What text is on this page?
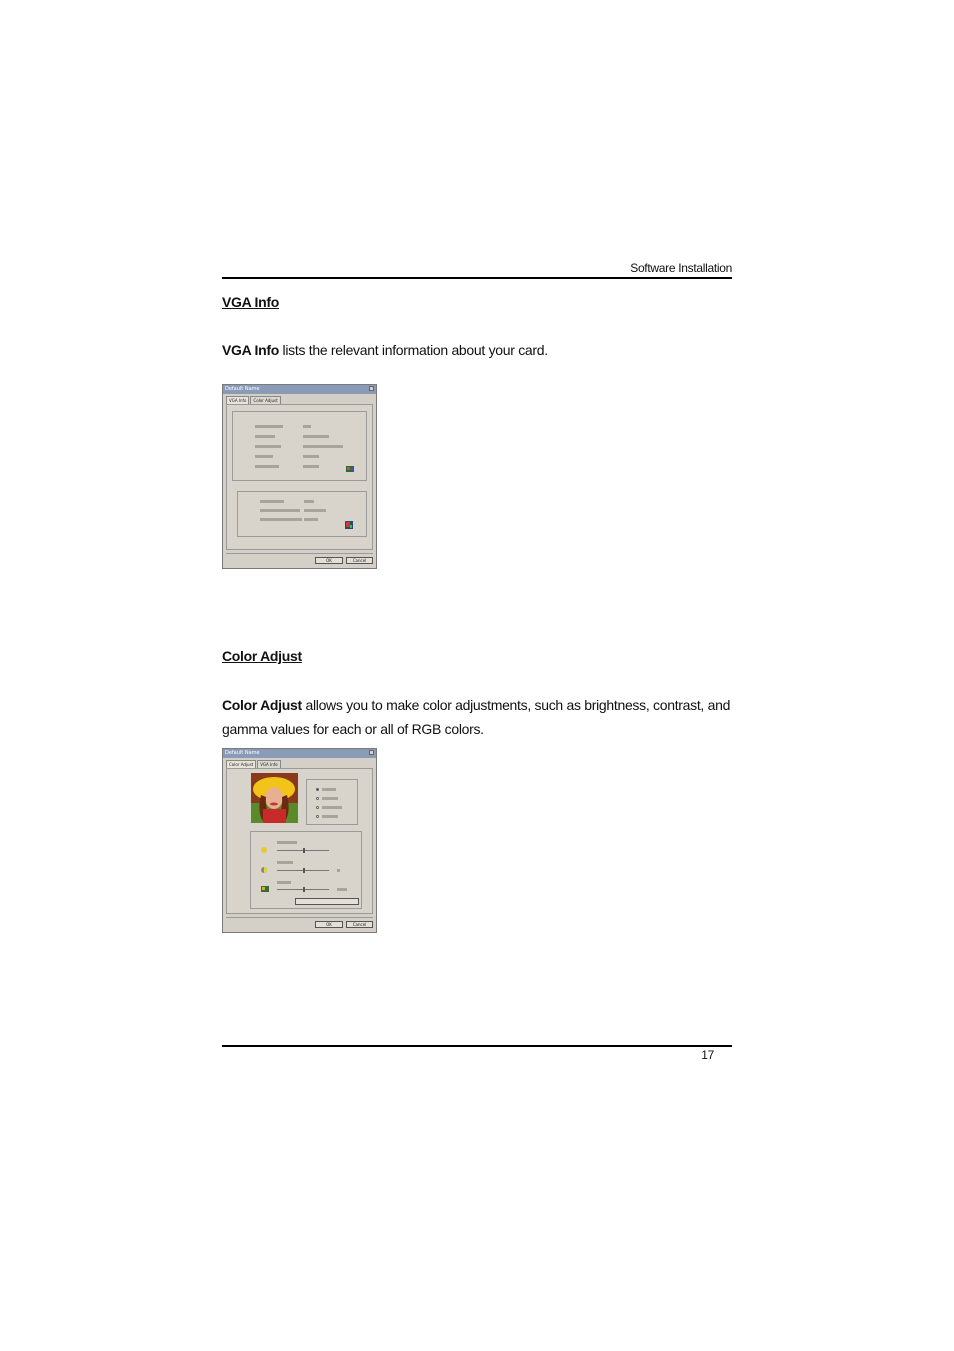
Software Installation
VGA Info
VGA Info lists the relevant information about your card.
Default Name
VGA Info	Color Adjust
OK	Cancel
Color Adjust
Color Adjust allows you to make color adjustments, such as brightness, contrast, and
gamma values for each or all of RGB colors.
Default Name
Color Adjust	VGA Info
OK	Cancel
17
